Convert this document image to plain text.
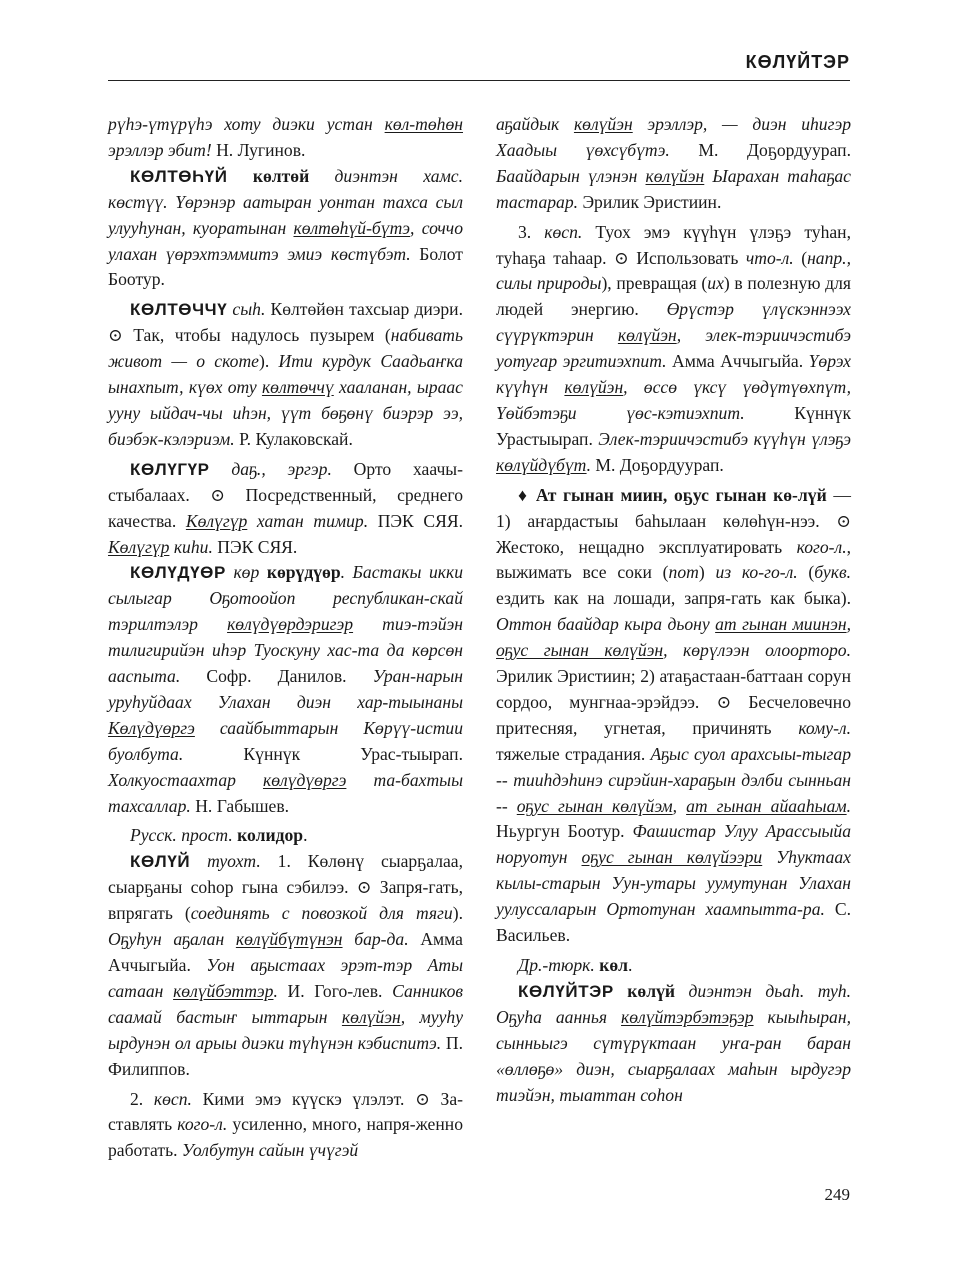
КӨЛҮЙТЭР

рүһэ-үтүрүһэ хоту диэки устан көл-төһөн эрэллэр эбит! Н. Лугинов.

КӨЛТӨҺҮЙ көлтөй диэнтэн хамс. көстүү. Үөрэнэр аатыран уонтан тахса сыл улууһунан, куоратынан көлтөһүй-бүтэ, соччо улахан үөрэхтэммитэ эмиэ көстүбэт. Болот Боотур.

КӨЛТӨЧЧҮ сыһ. Көлтөйөн тахсыар диэри. ⊙ Так, чтобы надулось пузырем (набивать живот — о скоте). Ити курдук Саадьаҥка ынахпыт, күөх оту көлтөччү хааланан, ыраас ууну ыйдач-чы иһэн, үүт бөҕөнү биэрэр ээ, биэбэк-кэлэриэм. Р. Кулаковскай.

КӨЛҮГҮР даҕ., эргэр. Орто хаачы-стыбалаах. ⊙ Посредственный, среднего качества. Көлүгүр хатан тимир. ПЭК СЯЯ. Көлүгүр киһи. ПЭК СЯЯ.

КӨЛҮДҮӨР көр көрүдүөр. Бастакы икки сылыгар Оҕотоойоп республикан-скай тэрилтэлэр көлүдүөрдэригэр тиэ-тэйэн тилигирийэн иһэр Туоскуну хас-та да көрсөн ааспыта. Софр. Данилов. Уран-нарын уруһуйдаах Улахан диэн хар-тыынаны Көлүдүөргэ саайбыттарын Көрүү-истии буолбута. Күннүк Урас-тыырап. Холкуостаахтар көлүдүөргэ та-бахтыы тахсаллар. Н. Габышев.

Русск. прост. колидор.

КӨЛҮЙ туохт. 1. Көлөнү сыарҕалаа, сыарҕаны соһор гына сэбилээ. ⊙ Запря-гать, впрягать (соединять с повозкой для тяги). Оҕуһун аҕалан көлүйбүтүнэн бар-да. Амма Аччыгыйа. Уон аҕыстаах эрэт-тэр Аты сатаан көлүйбэттэр. И. Гого-лев. Санников саамай бастыҥ ыттарын көлүйэн, мууһу ырдунэн ол арыы диэки түһүнэн кэбиспитэ. П. Филиппов.

2. көсп. Кими эмэ күүскэ үлэлэт. ⊙ За-ставлять кого-л. усиленно, много, напря-женно работать. Уолбутун сайын үчүгэй

аҕайдык көлүйэн эрэллэр, — диэн иһигэр Хаадыы үөхсүбүтэ. М. Доҕордуурап. Баайдарын үлэнэн көлүйэн Ыарахан таһаҕас тастарар. Эрилик Эристиин.

3. көсп. Туох эмэ күүһүн үлэҕэ туһан, туһаҕа таһаар. ⊙ Использовать что-л. (напр., силы природы), превращая (их) в полезную для людей энергию. Өрүстэр үлүскэннээх сүүрүктэрин көлүйэн, элек-тэриичэстибэ уотугар эргитиэхпит. Амма Аччыгыйа. Үөрэх күүһүн көлүйэн, өссө үксү үөдүтүөхпүт, Үөйбэтэҕи үөс-кэтиэхпит. Күннүк Урастыырап. Элек-тэриичэстибэ күүһүн үлэҕэ көлүйдүбүт. М. Доҕордуурап.

♦ Ат гынан миин, оҕус гынан кө-лүй — 1) аҥардастыы баһылаан көлөһүн-нээ. ⊙ Жестоко, нещадно эксплуатировать кого-л., выжимать все соки (пот) из ко-го-л. (букв. ездить как на лошади, запря-гать как быка). Оттон баайдар кыра дьону ат гынан миинэн, оҕус гынан көлүйэн, көрүлээн олоорторо. Эрилик Эристиин; 2) атаҕастаан-баттаан сорун сордоо, мунгнаа-эрэйдээ. ⊙ Бесчеловечно притесняя, угнетая, причинять кому-л. тяжелые страдания. Аҕыс суол арахсыы-тыгар -- тииһдэһинэ сирэйин-хараҕын дэлби сынньан -- оҕус гынан көлүйэм, ат гынан айааһыам. Ньургун Боотур. Фашистар Улуу Арассыыйа норуотун оҕус гынан көлүйээри Уһуктаах кылы-старын Уун-утары уумутунан Улахан уулуссаларын Ортотунан хаампытта-ра. С. Васильев.

Др.-тюрк. көл.

КӨЛҮЙТЭР көлүй диэнтэн дьаһ. туһ. Оҕуһа ааннья көлүйтэрбэтэҕэр кыыһыран, сынньыгэ сүтүрүктаан уҥа-ран баран «өллөҕө» диэн, сыарҕалаах маһын ырдугэр тиэйэн, тыаттан соһон

249
